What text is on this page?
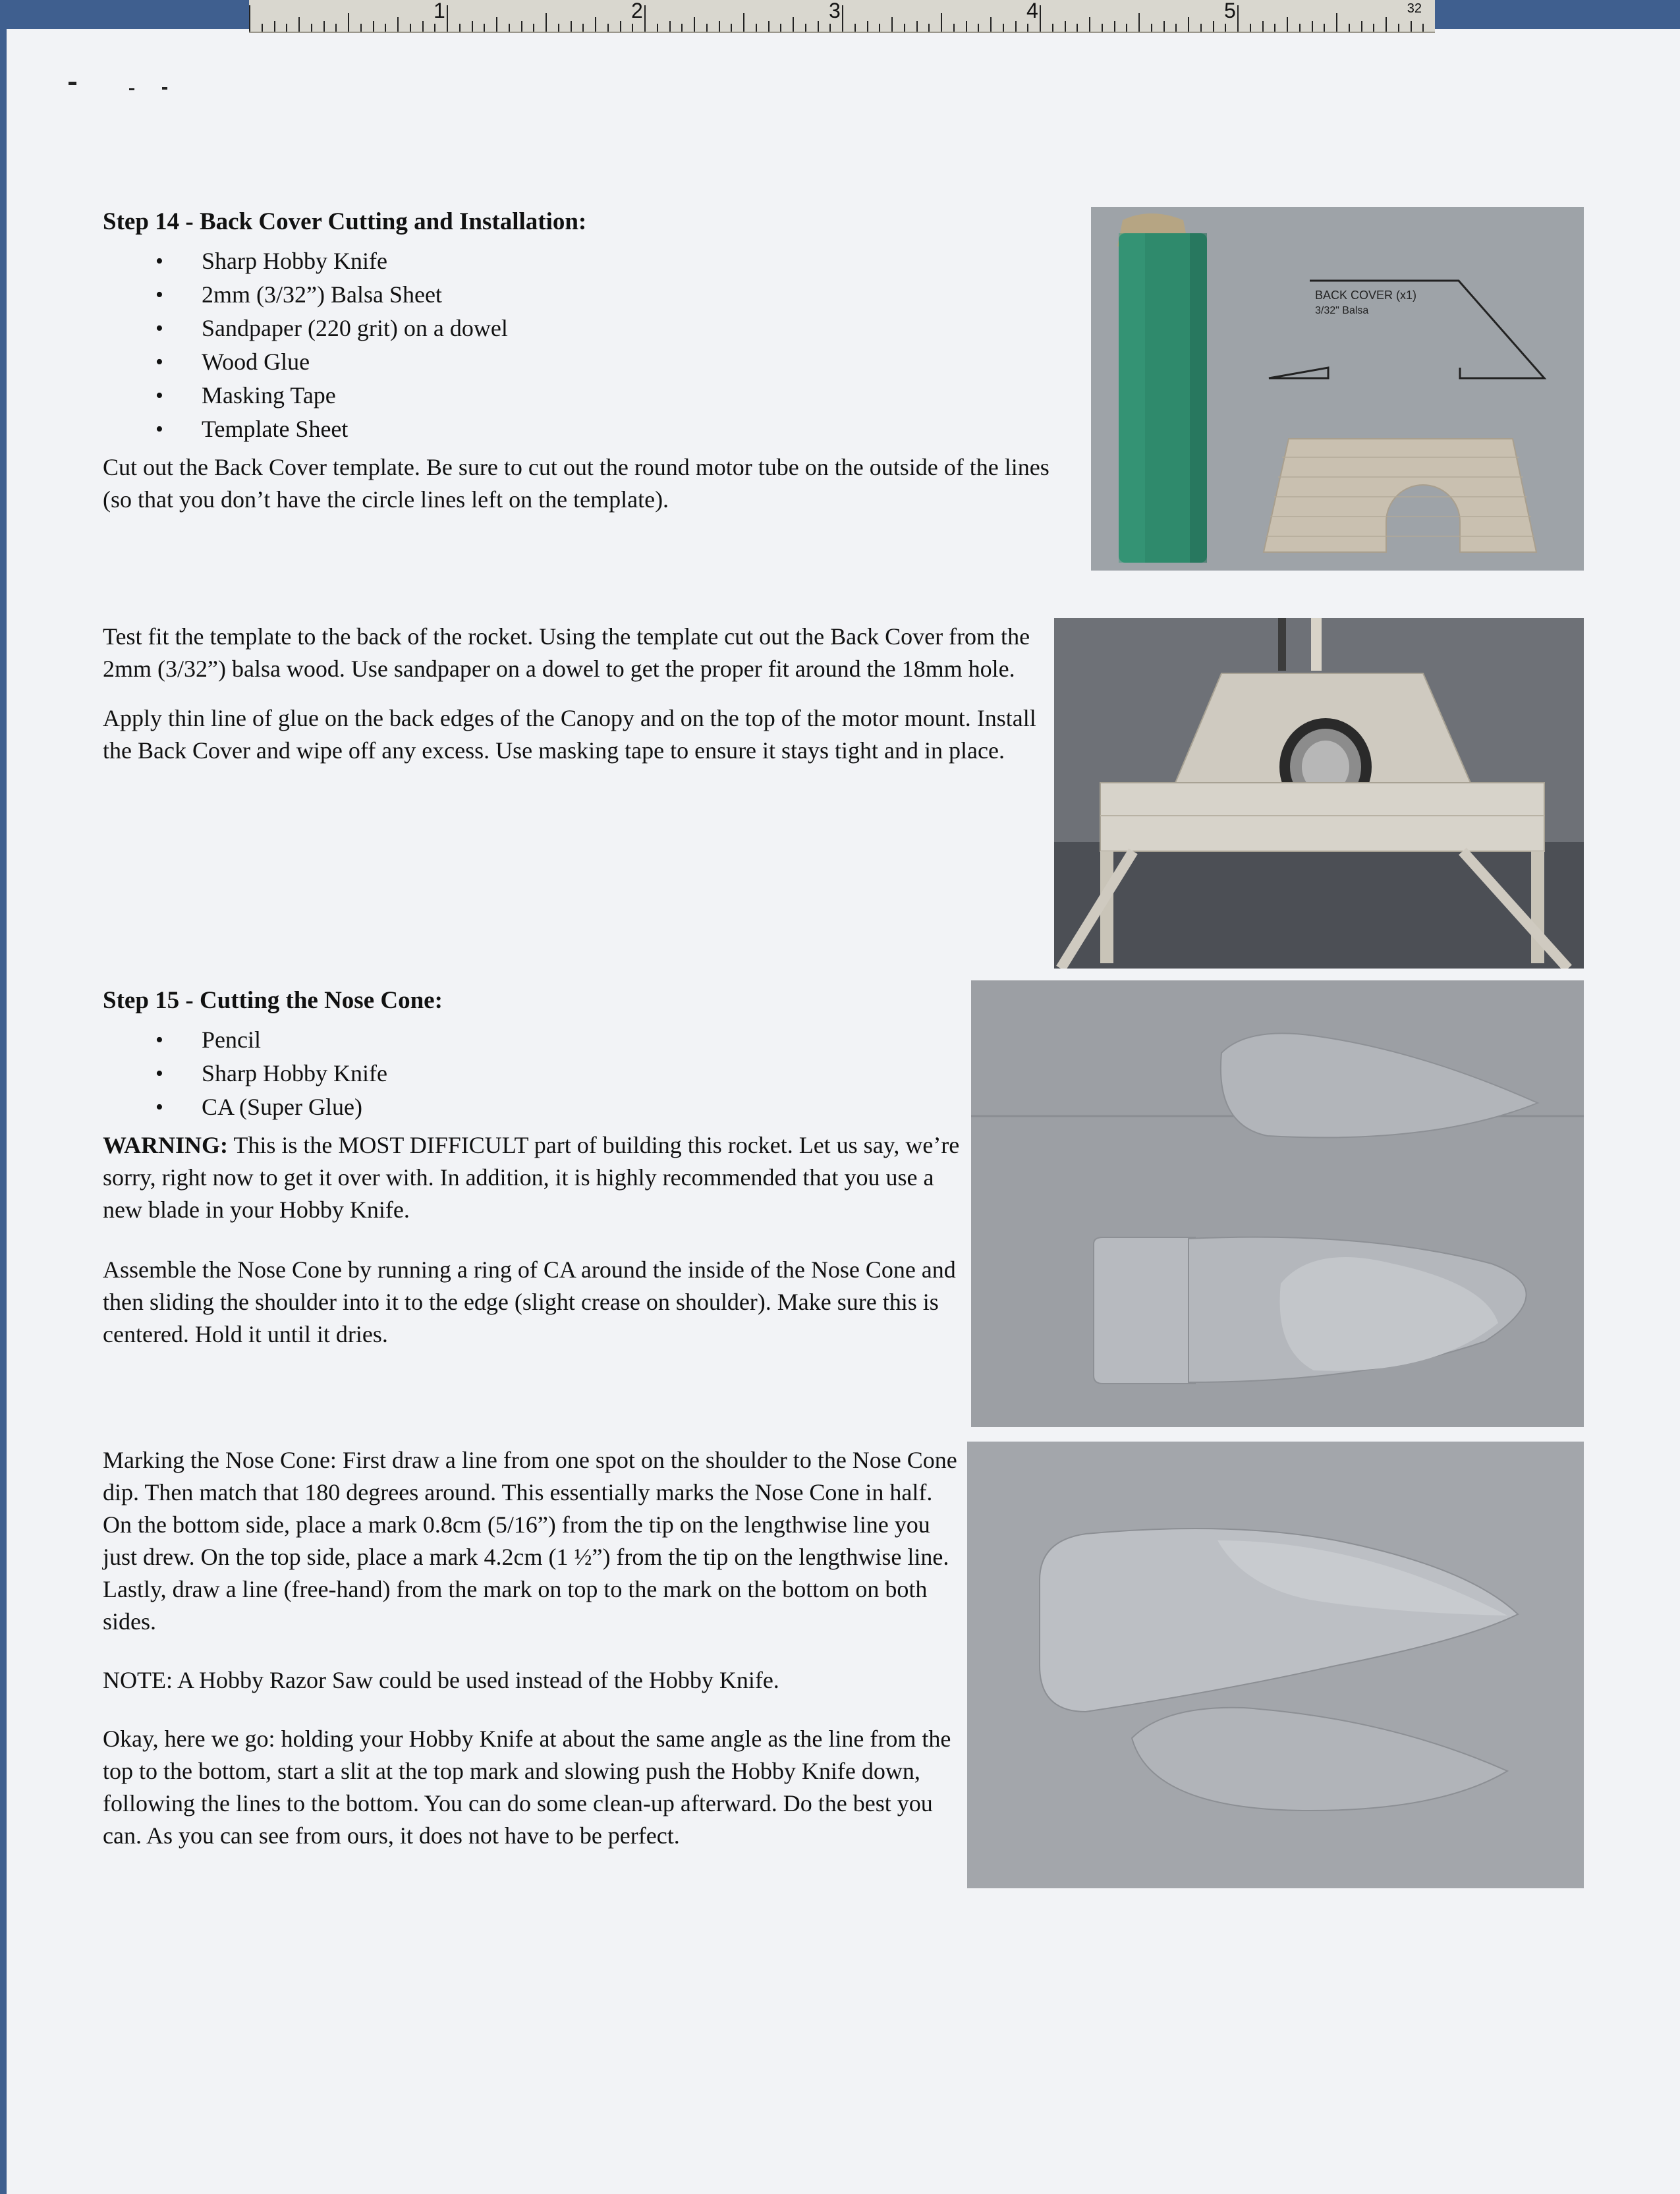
1	2	3	4	5	32
Step 14 - Back Cover Cutting and Installation:
• Sharp Hobby Knife
• 2mm (3/32”) Balsa Sheet
• Sandpaper (220 grit) on a dowel
• Wood Glue
• Masking Tape
• Template Sheet

Cut out the Back Cover template. Be sure to cut out the round motor tube on the outside of the lines (so that you don’t have the circle lines left on the template).

Test fit the template to the back of the rocket. Using the template cut out the Back Cover from the 2mm (3/32”) balsa wood. Use sandpaper on a dowel to get the proper fit around the 18mm hole.

Apply thin line of glue on the back edges of the Canopy and on the top of the motor mount. Install the Back Cover and wipe off any excess. Use masking tape to ensure it stays tight and in place.

Step 15 - Cutting the Nose Cone:
• Pencil
• Sharp Hobby Knife
• CA (Super Glue)

WARNING: This is the MOST DIFFICULT part of building this rocket. Let us say, we’re sorry, right now to get it over with. In addition, it is highly recommended that you use a new blade in your Hobby Knife.

Assemble the Nose Cone by running a ring of CA around the inside of the Nose Cone and then sliding the shoulder into it to the edge (slight crease on shoulder). Make sure this is centered. Hold it until it dries.

Marking the Nose Cone: First draw a line from one spot on the shoulder to the Nose Cone dip. Then match that 180 degrees around. This essentially marks the Nose Cone in half. On the bottom side, place a mark 0.8cm (5/16”) from the tip on the lengthwise line you just drew. On the top side, place a mark 4.2cm (1 ½”) from the tip on the lengthwise line. Lastly, draw a line (free-hand) from the mark on top to the mark on the bottom on both sides.

NOTE: A Hobby Razor Saw could be used instead of the Hobby Knife.

Okay, here we go: holding your Hobby Knife at about the same angle as the line from the top to the bottom, start a slit at the top mark and slowing push the Hobby Knife down, following the lines to the bottom. You can do some clean-up afterward. Do the best you can. As you can see from ours, it does not have to be perfect.

BACK COVER (x1)
3/32" Balsa
